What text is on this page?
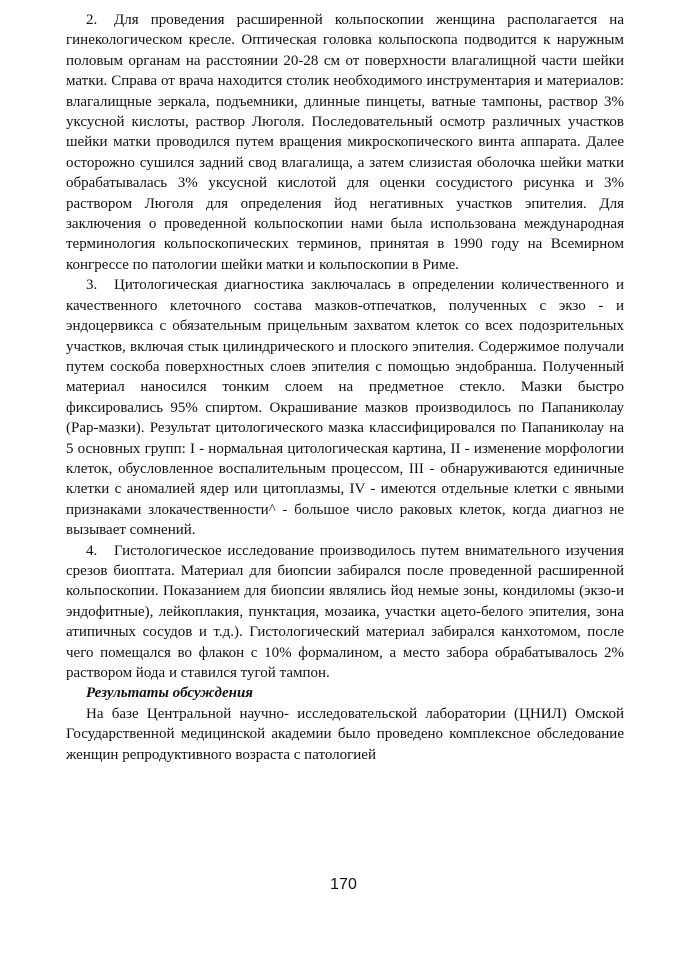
2. Для проведения расширенной кольпоскопии женщина располагается на гинекологическом кресле. Оптическая головка кольпоскопа подводится к наружным половым органам на расстоянии 20-28 см от поверхности влагалищной части шейки матки. Справа от врача находится столик необходимого инструментария и материалов: влагалищные зеркала, подъемники, длинные пинцеты, ватные тампоны, раствор 3% уксусной кислоты, раствор Люголя. Последовательный осмотр различных участков шейки матки проводился путем вращения микроскопического винта аппарата. Далее осторожно сушился задний свод влагалища, а затем слизистая оболочка шейки матки обрабатывалась 3% уксусной кислотой для оценки сосудистого рисунка и 3% раствором Люголя для определения йод негативных участков эпителия. Для заключения о проведенной кольпоскопии нами была использована международная терминология кольпоскопических терминов, принятая в 1990 году на Всемирном конгрессе по патологии шейки матки и кольпоскопии в Риме.

3. Цитологическая диагностика заключалась в определении количественного и качественного клеточного состава мазков-отпечатков, полученных с экзо - и эндоцервикса с обязательным прицельным захватом клеток со всех подозрительных участков, включая стык цилиндрического и плоского эпителия. Содержимое получали путем соскоба поверхностных слоев эпителия с помощью эндобранша. Полученный материал наносился тонким слоем на предметное стекло. Мазки быстро фиксировались 95% спиртом. Окрашивание мазков производилось по Папаниколау (Рар-мазки). Результат цитологического мазка классифицировался по Папаниколау на 5 основных групп: I - нормальная цитологическая картина, II - изменение морфологии клеток, обусловленное воспалительным процессом, III - обнаруживаются единичные клетки с аномалией ядер или цитоплазмы, IV - имеются отдельные клетки с явными признаками злокачественности^ - большое число раковых клеток, когда диагноз не вызывает сомнений.

4. Гистологическое исследование производилось путем внимательного изучения срезов биоптата. Материал для биопсии забирался после проведенной расширенной кольпоскопии. Показанием для биопсии являлись йод немые зоны, кондиломы (экзо-и эндофитные), лейкоплакия, пунктация, мозаика, участки ацето-белого эпителия, зона атипичных сосудов и т.д.). Гистологический материал забирался канхотомом, после чего помещался во флакон с 10% формалином, а место забора обрабатывалось 2% раствором йода и ставился тугой тампон.

Результаты обсуждения

На базе Центральной научно- исследовательской лаборатории (ЦНИЛ) Омской Государственной медицинской академии было проведено комплексное обследование женщин репродуктивного возраста с патологией

170
